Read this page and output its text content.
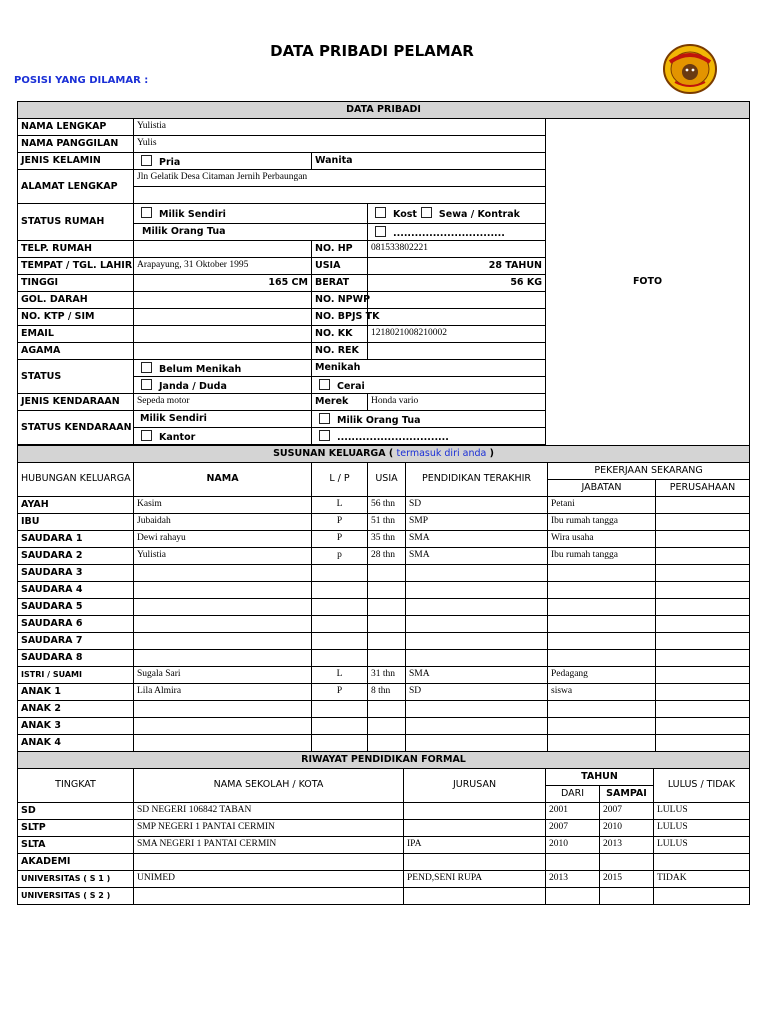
DATA PRIBADI PELAMAR
POSISI YANG DILAMAR :
DATA PRIBADI				
NAMA LENGKAP	Yulistia			FOTO
NAMA PANGGILAN	Yulis			
JENIS KELAMIN	Pria	Wanita		
ALAMAT LENGKAP	Jln Gelatik Desa Citaman Jernih Perbaungan			

STATUS RUMAH	Milik Sendiri		Kost Sewa / Kontrak	
	Milik Orang Tua		...............................	
TELP. RUMAH		NO. HP	081533802221	
TEMPAT / TGL. LAHIR	Arapayung, 31 Oktober 1995	USIA	28 TAHUN	
TINGGI	165 CM	BERAT	56 KG	
GOL. DARAH		NO. NPWP		
NO. KTP / SIM		NO. BPJS TK		
EMAIL		NO. KK	1218021008210002	
AGAMA		NO. REK		
STATUS	Belum Menikah	Menikah		
	Janda / Duda	Cerai		
JENIS KENDARAAN	Sepeda motor	Merek	Honda vario	
STATUS KENDARAAN	Milik Sendiri	Milik Orang Tua		
	Kantor	...............................		

SUSUNAN KELUARGA ( termasuk diri anda )						
HUBUNGAN KELUARGA	NAMA	L / P	USIA	PENDIDIKAN TERAKHIR	PEKERJAAN SEKARANG	
					JABATAN	PERUSAHAAN
AYAH	Kasim	L	56 thn	SD	Petani	
IBU	Jubaidah	P	51 thn	SMP	Ibu rumah tangga	
SAUDARA 1	Dewi rahayu	P	35 thn	SMA	Wira usaha	
SAUDARA 2	Yulistia	p	28 thn	SMA	Ibu rumah tangga	
SAUDARA 3						
SAUDARA 4						
SAUDARA 5						
SAUDARA 6						
SAUDARA 7						
SAUDARA 8						
ISTRI / SUAMI	Sugala Sari	L	31 thn	SMA	Pedagang	
ANAK 1	Lila Almira	P	8 thn	SD	siswa	
ANAK 2						
ANAK 3						
ANAK 4						
RIWAYAT PENDIDIKAN FORMAL					
TINGKAT	NAMA SEKOLAH / KOTA	JURUSAN	TAHUN		LULUS / TIDAK
			DARI	SAMPAI	
SD	SD NEGERI 106842 TABAN		2001	2007	LULUS
SLTP	SMP NEGERI 1 PANTAI CERMIN		2007	2010	LULUS
SLTA	SMA NEGERI 1 PANTAI CERMIN	IPA	2010	2013	LULUS
AKADEMI					
UNIVERSITAS ( S 1 )	UNIMED	PEND,SENI RUPA	2013	2015	TIDAK
UNIVERSITAS ( S 2 )					
